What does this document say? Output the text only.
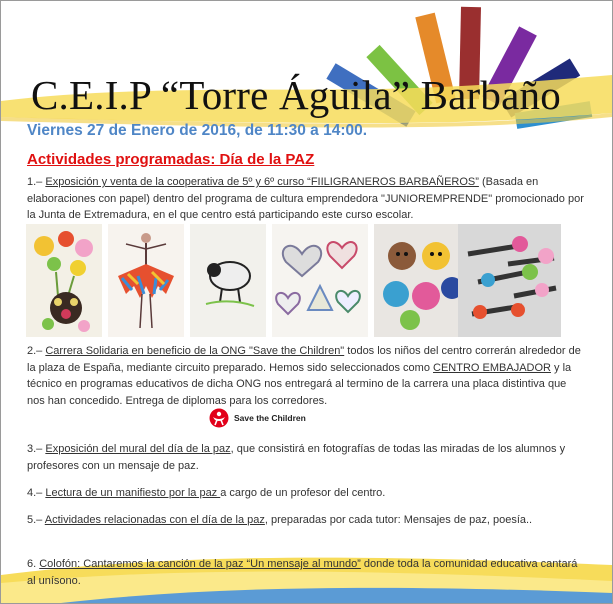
C.E.I.P “Torre Águila” Barbaño
Viernes 27 de Enero de 2016, de 11:30 a 14:00.
Actividades programadas: Día de la PAZ
1.– Exposición y venta de la cooperativa de 5º y 6º curso “FIILIGRANEROS BARBAÑEROS” (Basada en elaboraciones con papel) dentro del programa de cultura emprendedora "JUNIOREMPRENDE" promocionado por la Junta de Extremadura, en el que centro está participando este curso escolar.
2.– Carrera Solidaria en beneficio de la ONG "Save the Children" todos los niños del centro correrán alrededor de la plaza de España, mediante circuito preparado. Hemos sido seleccionados como CENTRO EMBAJADOR y la técnico en programas educativos de dicha ONG nos entregará al termino de la carrera una placa distintiva que nos han concedido. Entrega de diplomas para los corredores.
Save the Children
3.– Exposición del mural del día de la paz, que consistirá en fotografías de todas las miradas de los alumnos y profesores con un mensaje de paz.
4.– Lectura de un manifiesto por la paz a cargo de un profesor del centro.
5.– Actividades relacionadas con el día de la paz, preparadas por cada tutor: Mensajes de paz, poesía..
6. Colofón: Cantaremos la canción de la paz “Un mensaje al mundo” donde toda la comunidad educativa cantará al unísono.
